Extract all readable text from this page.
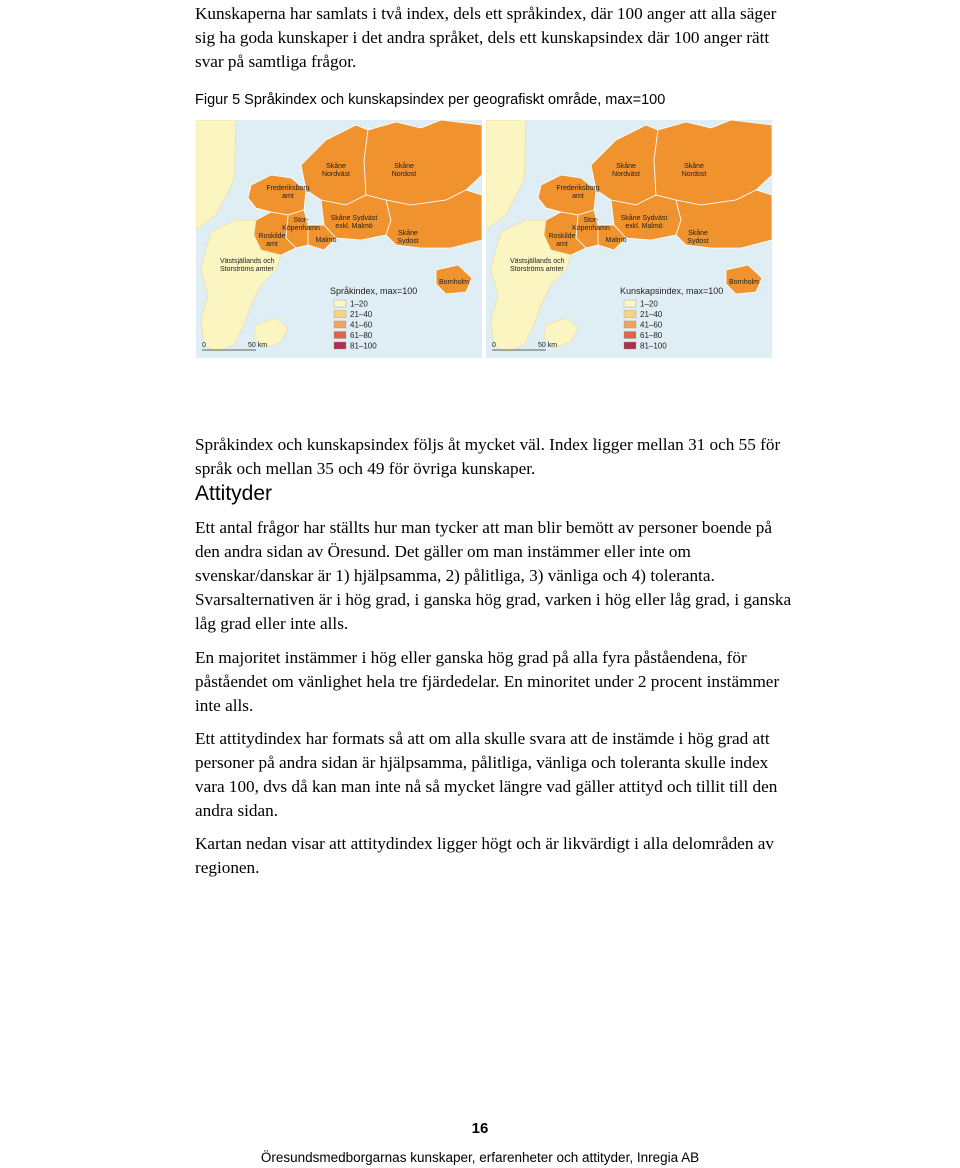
Kunskaperna har samlats i två index, dels ett språkindex, där 100 anger att alla säger sig ha goda kunskaper i det andra språket, dels ett kunskapsindex där 100 anger rätt svar på samtliga frågor.

Figur 5 Språkindex och kunskapsindex per geografiskt område, max=100
Skåne Nordväst
Skåne Nordost
Frederiksborg amt
Stor-Köpenhamn
Skåne Sydväst exkl. Malmö
Skåne Sydost
Malmö
Roskilde amt
Västsjällands och Storströms amter
Bornholm
0	50 km
Språkindex, max=100
1–20
21–40
41–60
61–80
81–100
Skåne Nordväst
Skåne Nordost
Frederiksborg amt
Stor-Köpenhamn
Skåne Sydväst exkl. Malmö
Skåne Sydost
Malmö
Roskilde amt
Västsjällands och Storströms amter
Bornholm
0	50 km
Kunskapsindex, max=100
1–20
21–40
41–60
61–80
81–100

Språkindex och kunskapsindex följs åt mycket väl. Index ligger mellan 31 och 55 för språk och mellan 35 och 49 för övriga kunskaper.

Attityder

Ett antal frågor har ställts hur man tycker att man blir bemött av personer boende på den andra sidan av Öresund. Det gäller om man instämmer eller inte om svenskar/danskar är 1) hjälpsamma, 2) pålitliga, 3) vänliga och 4) toleranta. Svarsalternativen är i hög grad, i ganska hög grad, varken i hög eller låg grad, i ganska låg grad eller inte alls.

En majoritet instämmer i hög eller ganska hög grad på alla fyra påståendena, för påståendet om vänlighet hela tre fjärdedelar. En minoritet under 2 procent instämmer inte alls.

Ett attitydindex har formats så att om alla skulle svara att de instämde i hög grad att personer på andra sidan är hjälpsamma, pålitliga, vänliga och toleranta skulle index vara 100, dvs då kan man inte nå så mycket längre vad gäller attityd och tillit till den andra sidan.

Kartan nedan visar att attitydindex ligger högt och är likvärdigt i alla delområden av regionen.

16
Öresundsmedborgarnas kunskaper, erfarenheter och attityder, Inregia AB
